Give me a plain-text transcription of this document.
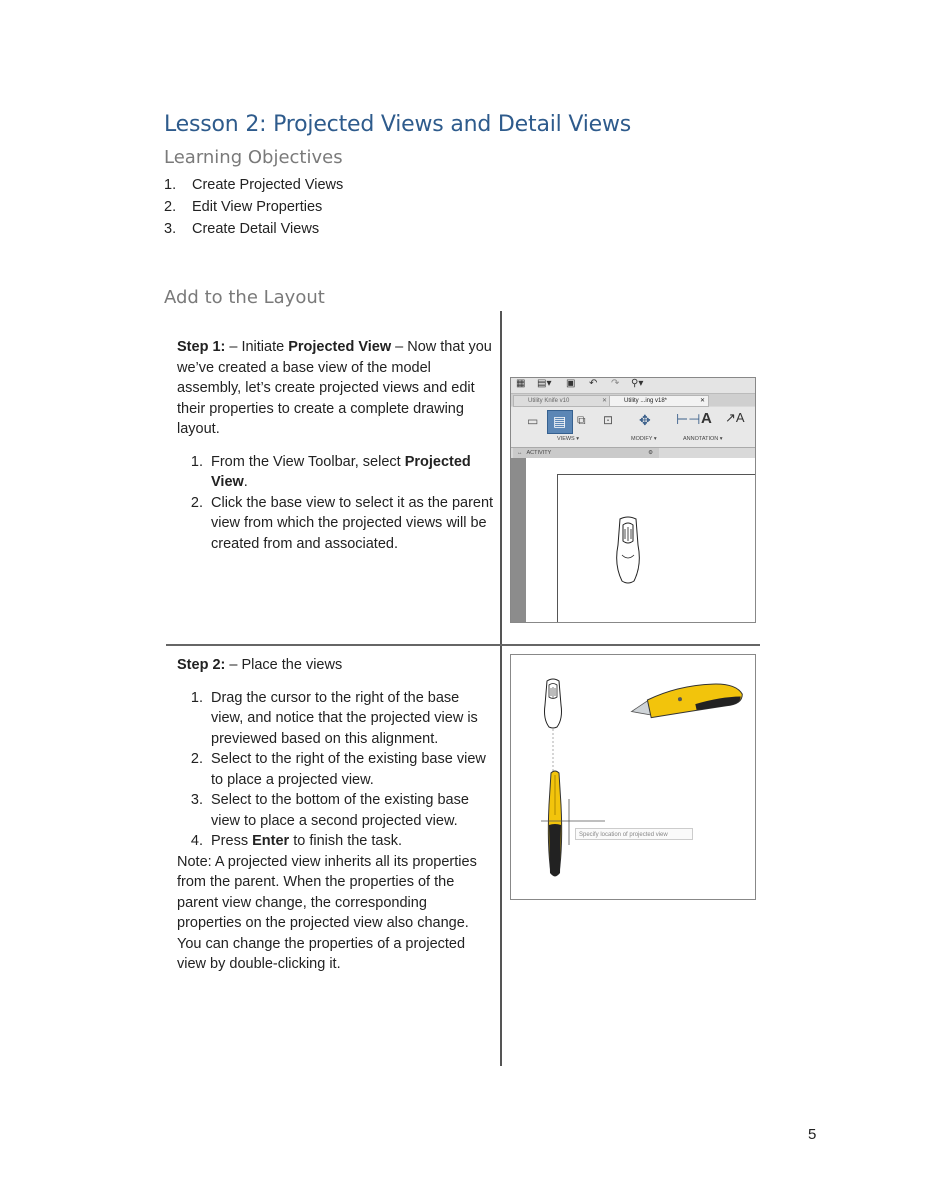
Lesson 2: Projected Views and Detail Views
Learning Objectives
1.	Create Projected Views
2.	Edit View Properties
3.	Create Detail Views
Add to the Layout
Step 1: – Initiate Projected View – Now that you we’ve created a base view of the model assembly, let’s create projected views and edit their properties to create a complete drawing layout.
1. From the View Toolbar, select Projected View.
2. Click the base view to select it as the parent view from which the projected views will be created from and associated.
Step 2: – Place the views
1. Drag the cursor to the right of the base view, and notice that the projected view is previewed based on this alignment.
2. Select to the right of the existing base view to place a projected view.
3. Select to the bottom of the existing base view to place a second projected view.
4. Press Enter to finish the task.
Note: A projected view inherits all its properties from the parent. When the properties of the parent view change, the corresponding properties on the projected view also change. You can change the properties of a projected view by double-clicking it.
▦ ▤▾ ▣ ↶ ↷ ⚲▾
Utility Knife v10	✕	Utility ...ing v18*	✕
▭ ▤ ⧉ ⊡ ✥ ⊢⊣ A ↗A
VIEWS ▾	MODIFY ▾	ANNOTATION ▾
↔ ACTIVITY	⚙
Specify location of projected view
5
